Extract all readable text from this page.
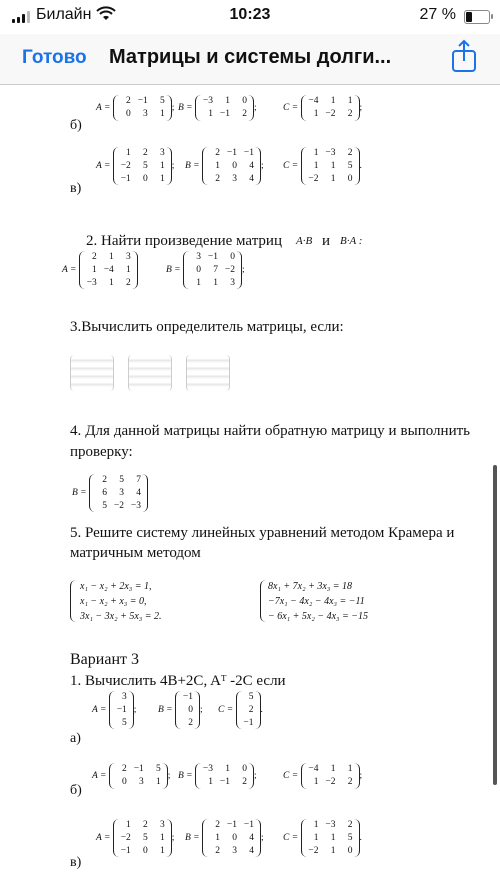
Билайн	10:23	27 %
Готово Матрицы и системы долги...
б)
A =
2 −1 5
0 3 1
; B =
−3 1 0
1 −1 2
;	C =
−4 1 1
1 −2 2
;
в)
A =
1 2 3
−2 5 1
−1 0 1
; B =
2 −1 −1
1 0 4
2 3 4
; C =
1 −3 2
1 1 5
−2 1 0
.
2. Найти произведение матриц A·B и B·A :
A =
2 1 3
1 −4 1
−3 1 2
B =
3 −1 0
0 7 −2
1 1 3
;
3.Вычислить определитель матрицы, если:
4. Для данной матрицы найти обратную матрицу и выполнить проверку:
B =
2 5 7
6 3 4
5 −2 −3
5. Решите систему линейных уравнений методом Крамера и матричным методом
x₁ − x₂ + 2x₃ = 1,
x₁ − x₂ + x₃ = 0,
3x₁ − 3x₂ + 5x₃ = 2.
8x₁ + 7x₂ + 3x₃ = 18
−7x₁ − 4x₂ − 4x₃ = −11
− 6x₁ + 5x₂ − 4x₃ = −15
Вариант 3
1. Вычислить 4B+2C, Aᵀ -2C если
а)
A =
3
−1
5
; B =
−1
0
2
; C =
5
2
−1
.
б)
A =
2 −1 5
0 3 1
; B =
−3 1 0
1 −1 2
;	C =
−4 1 1
1 −2 2
;
в)
A =
1 2 3
−2 5 1
−1 0 1
; B =
2 −1 −1
1 0 4
2 3 4
; C =
1 −3 2
1 1 5
−2 1 0
.
